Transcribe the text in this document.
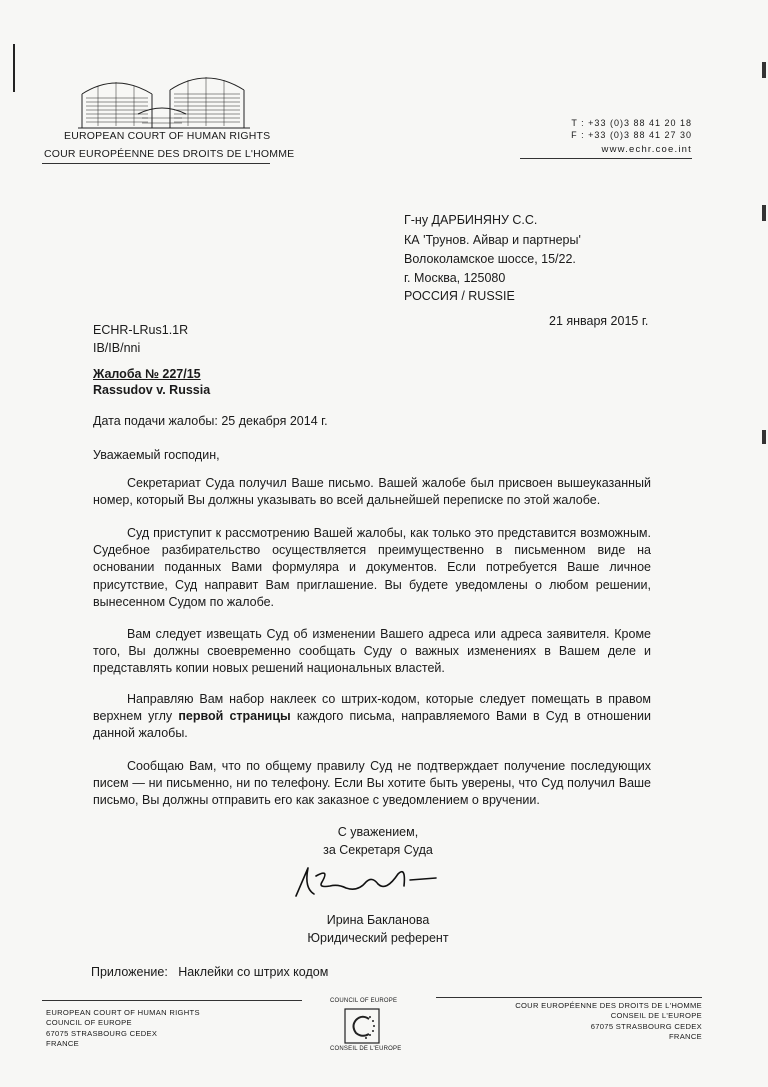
EUROPEAN COURT OF HUMAN RIGHTS
COUR EUROPÉENNE DES DROITS DE L'HOMME
T : +33 (0)3 88 41 20 18
F : +33 (0)3 88 41 27 30
www.echr.coe.int
Г-ну ДАРБИНЯНУ С.С.
КА 'Трунов. Айвар и партнеры'
Волоколамское шоссе, 15/22.
г. Москва, 125080
РОССИЯ / RUSSIE
21 января 2015 г.
ECHR-LRus1.1R
IB/IB/nni
Жалоба № 227/15
Rassudov v. Russia
Дата подачи жалобы: 25 декабря 2014 г.
Уважаемый господин,
Секретариат Суда получил Ваше письмо. Вашей жалобе был присвоен вышеуказанный номер, который Вы должны указывать во всей дальнейшей переписке по этой жалобе.
Суд приступит к рассмотрению Вашей жалобы, как только это представится возможным. Судебное разбирательство осуществляется преимущественно в письменном виде на основании поданных Вами формуляра и документов. Если потребуется Ваше личное присутствие, Суд направит Вам приглашение. Вы будете уведомлены о любом решении, вынесенном Судом по жалобе.
Вам следует извещать Суд об изменении Вашего адреса или адреса заявителя. Кроме того, Вы должны своевременно сообщать Суду о важных изменениях в Вашем деле и представлять копии новых решений национальных властей.
Направляю Вам набор наклеек со штрих-кодом, которые следует помещать в правом верхнем углу первой страницы каждого письма, направляемого Вами в Суд в отношении данной жалобы.
Сообщаю Вам, что по общему правилу Суд не подтверждает получение последующих писем — ни письменно, ни по телефону. Если Вы хотите быть уверены, что Суд получил Ваше письмо, Вы должны отправить его как заказное с уведомлением о вручении.
С уважением,
за Секретаря Суда
Ирина Бакланова
Юридический референт
Приложение:   Наклейки со штрих кодом
EUROPEAN COURT OF HUMAN RIGHTS
COUNCIL OF EUROPE
67075 STRASBOURG CEDEX
FRANCE
COUNCIL OF EUROPE
CONSEIL DE L'EUROPE
COUR EUROPÉENNE DES DROITS DE L'HOMME
CONSEIL DE L'EUROPE
67075 STRASBOURG CEDEX
FRANCE
